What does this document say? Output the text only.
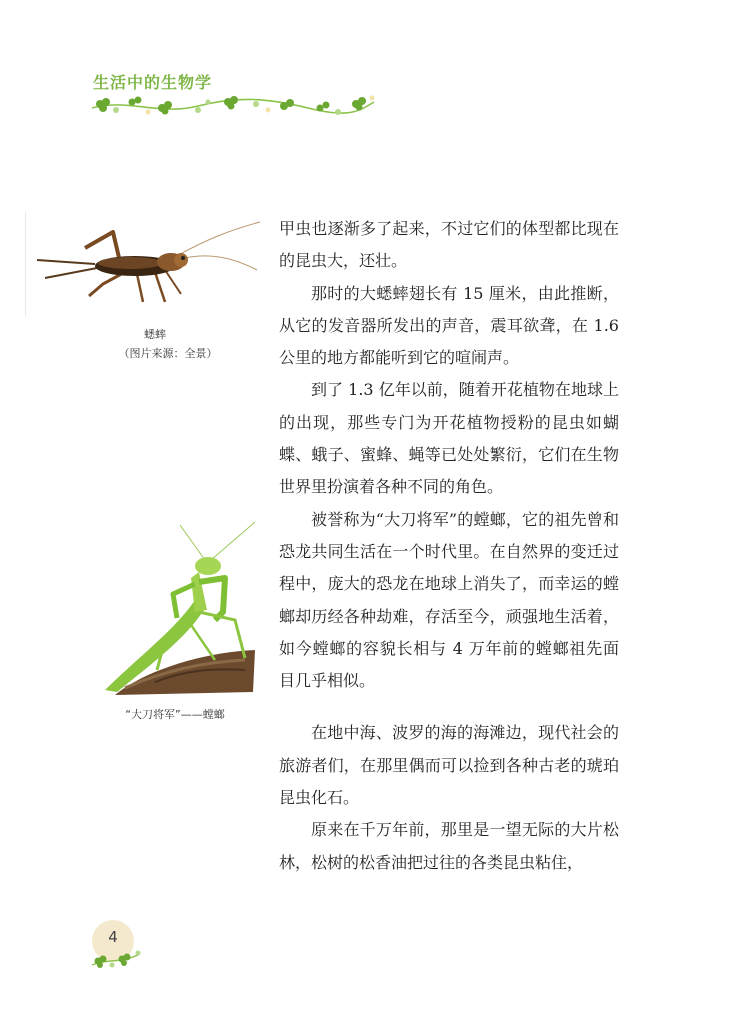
生活中的生物学
蟋蟀
（图片来源：全景）
“大刀将军”——螳螂

甲虫也逐渐多了起来，不过它们的体型都比现在的昆虫大，还壮。

那时的大蟋蟀翅长有 15 厘米，由此推断，从它的发音器所发出的声音，震耳欲聋，在 1.6 公里的地方都能听到它的喧闹声。

到了 1.3 亿年以前，随着开花植物在地球上的出现，那些专门为开花植物授粉的昆虫如蝴蝶、蛾子、蜜蜂、蝇等已处处繁衍，它们在生物世界里扮演着各种不同的角色。

被誉称为“大刀将军”的螳螂，它的祖先曾和恐龙共同生活在一个时代里。在自然界的变迁过程中，庞大的恐龙在地球上消失了，而幸运的螳螂却历经各种劫难，存活至今，顽强地生活着，如今螳螂的容貌长相与 4 万年前的螳螂祖先面目几乎相似。

在地中海、波罗的海的海滩边，现代社会的旅游者们，在那里偶而可以捡到各种古老的琥珀昆虫化石。

原来在千万年前，那里是一望无际的大片松林，松树的松香油把过往的各类昆虫粘住，

4
